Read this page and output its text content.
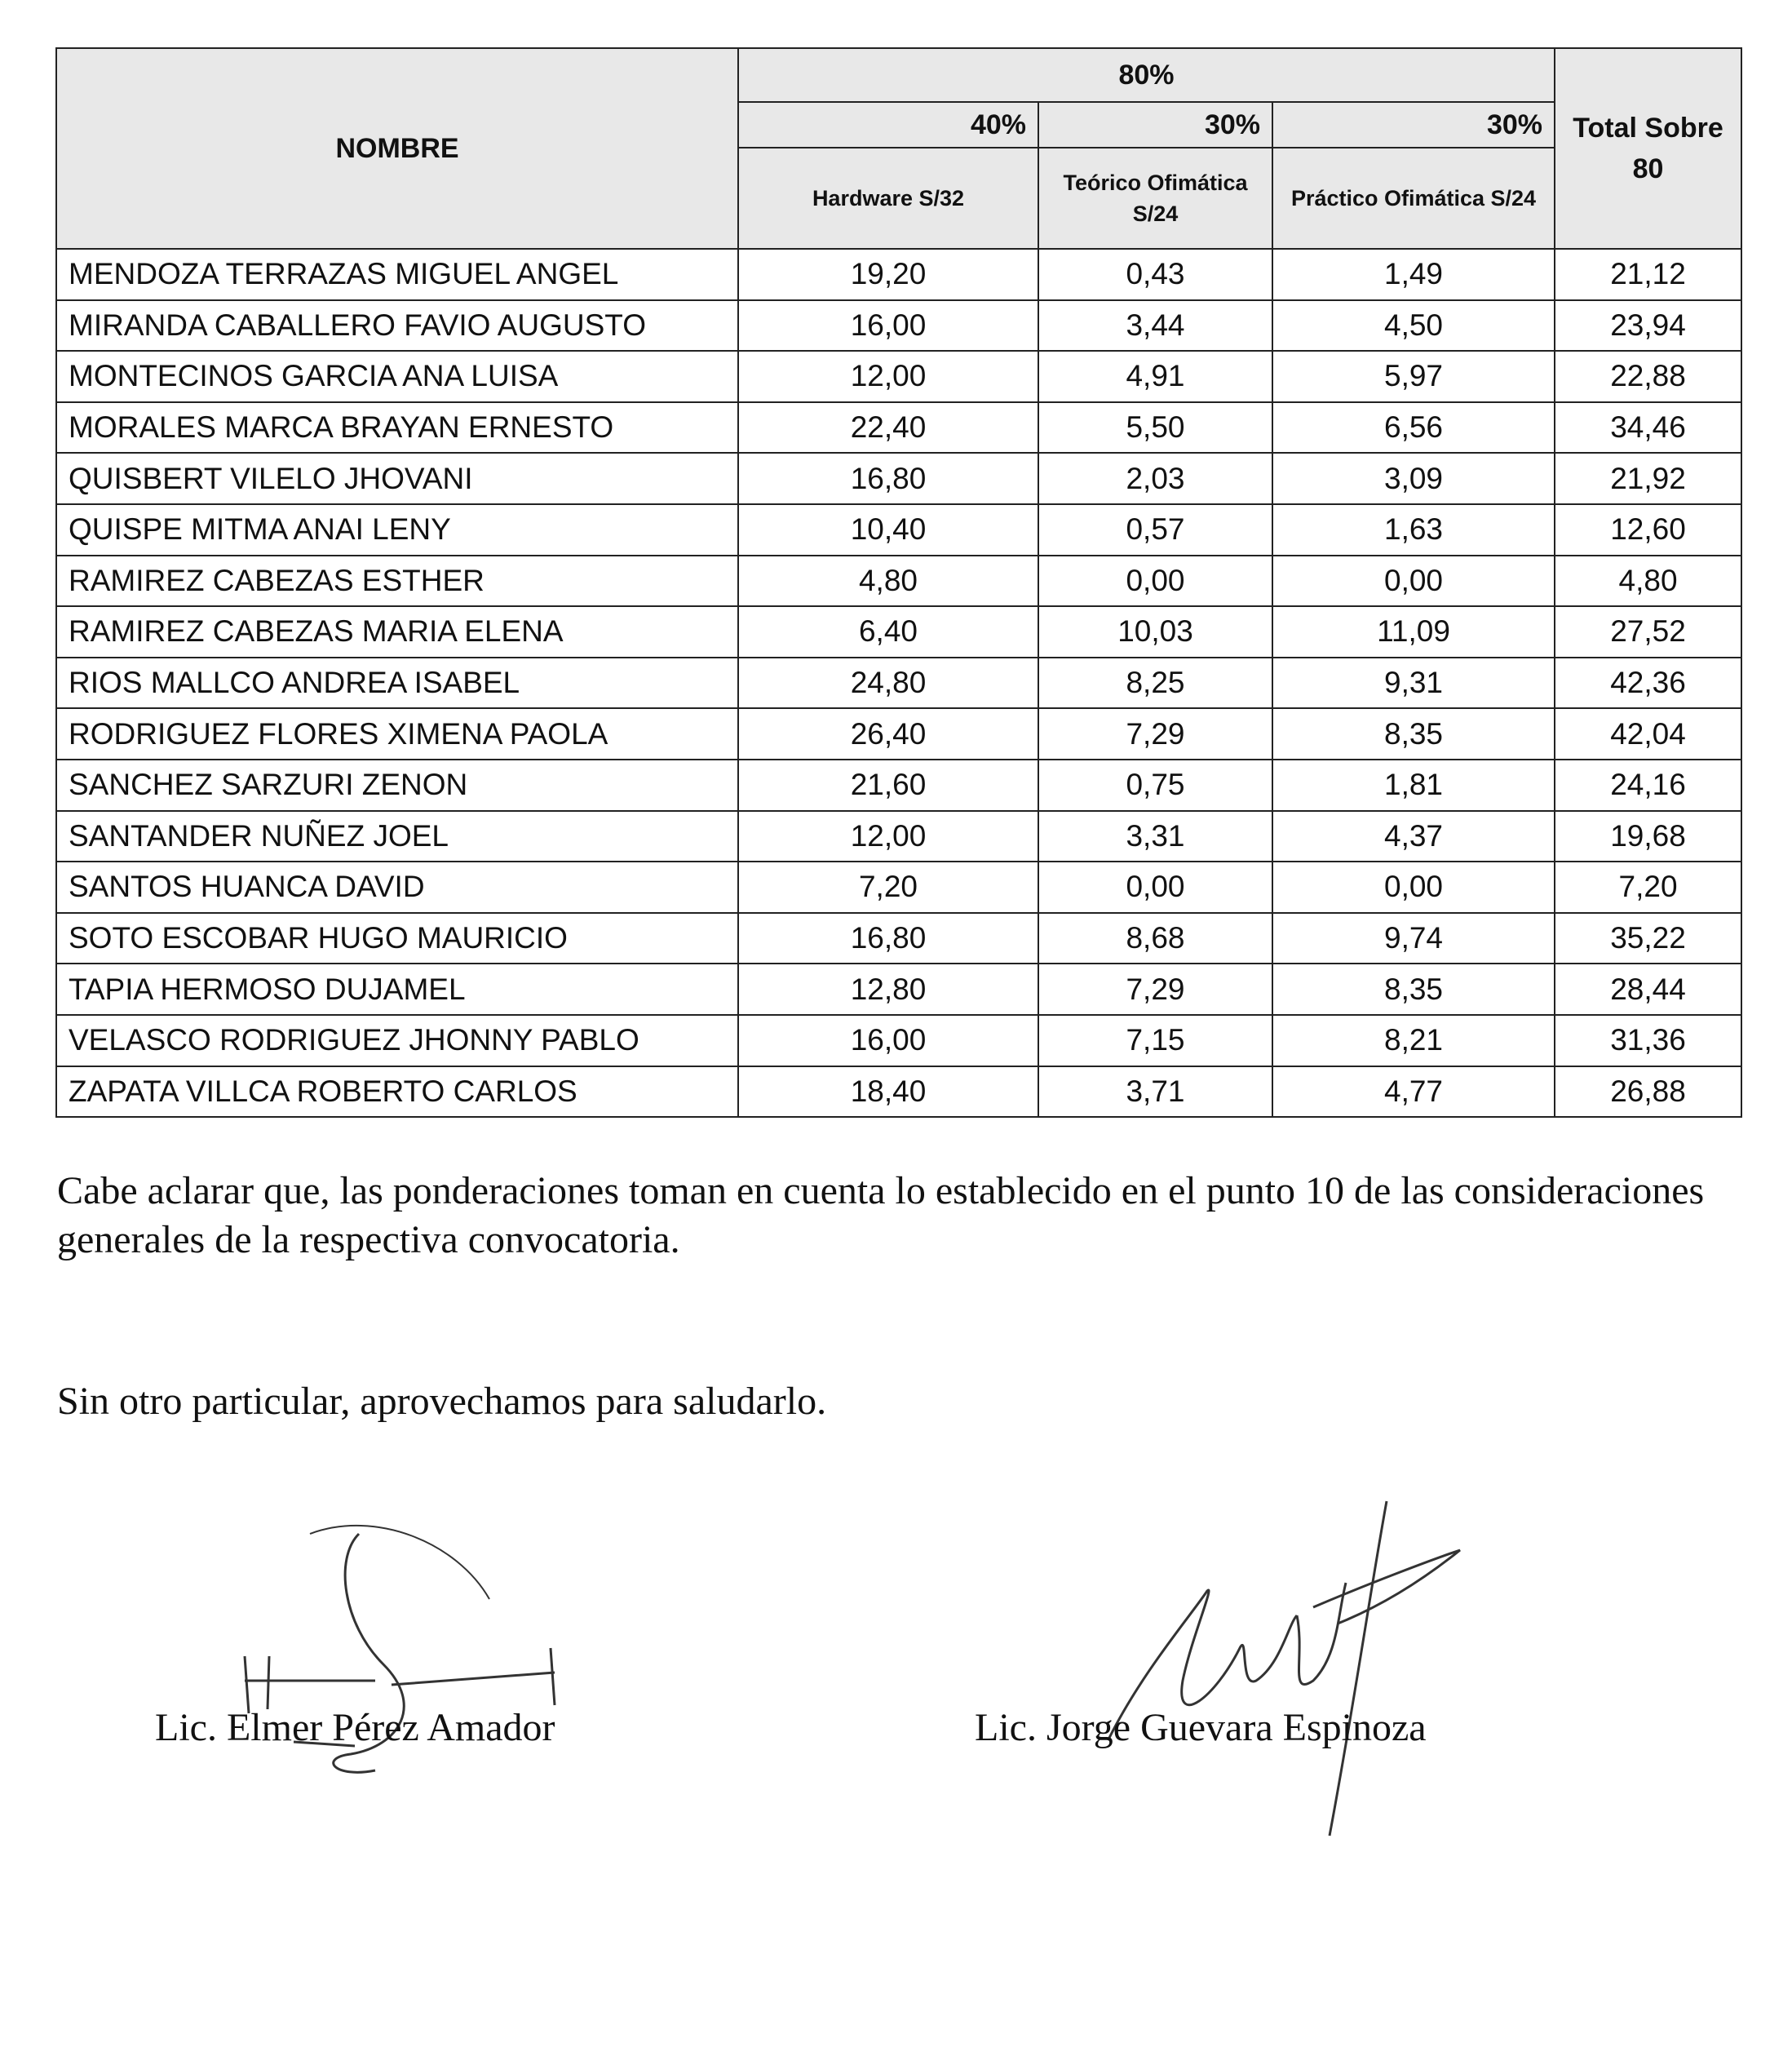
NOMBRE	80%			Total Sobre 80
	40%	30%	30%	
	Hardware S/32	Teórico Ofimática S/24	Práctico Ofimática S/24	
MENDOZA TERRAZAS MIGUEL ANGEL	19,20	0,43	1,49	21,12
MIRANDA CABALLERO FAVIO AUGUSTO	16,00	3,44	4,50	23,94
MONTECINOS GARCIA ANA LUISA	12,00	4,91	5,97	22,88
MORALES MARCA BRAYAN ERNESTO	22,40	5,50	6,56	34,46
QUISBERT VILELO JHOVANI	16,80	2,03	3,09	21,92
QUISPE MITMA ANAI LENY	10,40	0,57	1,63	12,60
RAMIREZ CABEZAS ESTHER	4,80	0,00	0,00	4,80
RAMIREZ CABEZAS MARIA ELENA	6,40	10,03	11,09	27,52
RIOS MALLCO ANDREA ISABEL	24,80	8,25	9,31	42,36
RODRIGUEZ FLORES XIMENA PAOLA	26,40	7,29	8,35	42,04
SANCHEZ SARZURI ZENON	21,60	0,75	1,81	24,16
SANTANDER NUÑEZ JOEL	12,00	3,31	4,37	19,68
SANTOS HUANCA DAVID	7,20	0,00	0,00	7,20
SOTO ESCOBAR HUGO MAURICIO	16,80	8,68	9,74	35,22
TAPIA HERMOSO DUJAMEL	12,80	7,29	8,35	28,44
VELASCO RODRIGUEZ JHONNY PABLO	16,00	7,15	8,21	31,36
ZAPATA VILLCA ROBERTO CARLOS	18,40	3,71	4,77	26,88

Cabe aclarar que, las ponderaciones toman en cuenta lo establecido en el punto 10 de las consideraciones generales de la respectiva convocatoria.

Sin otro particular, aprovechamos para saludarlo.

Lic. Elmer Pérez Amador	Lic. Jorge Guevara Espinoza
